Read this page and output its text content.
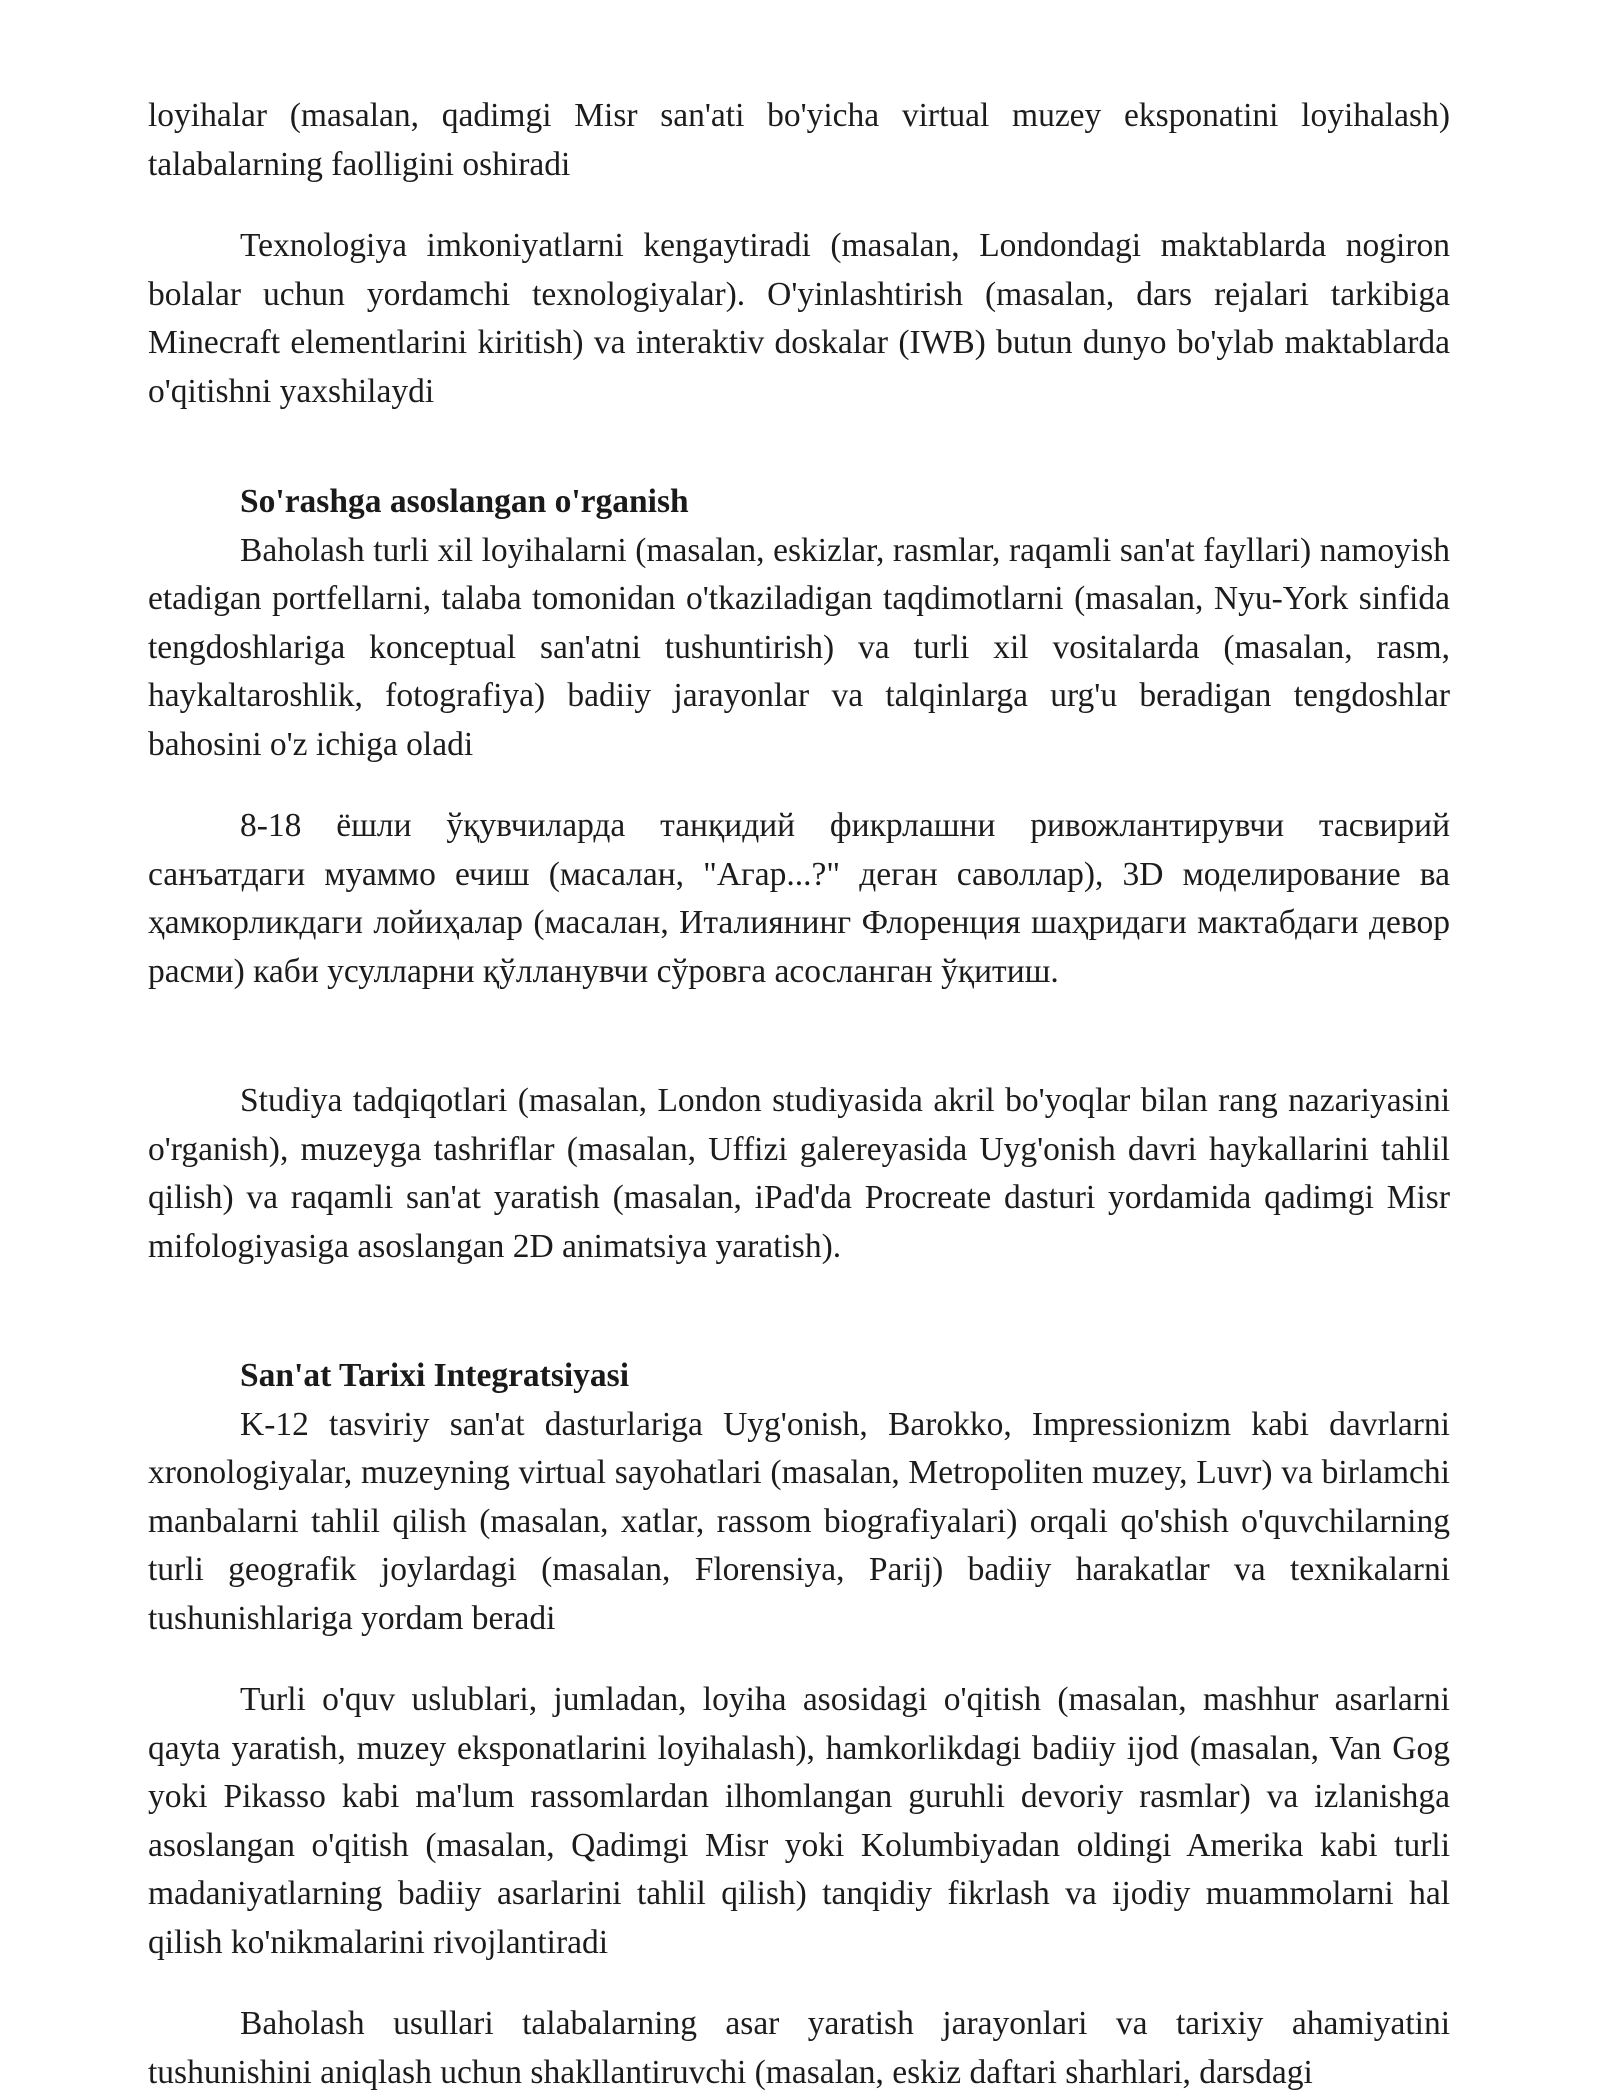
loyihalar (masalan, qadimgi Misr san'ati bo'yicha virtual muzey eksponatini loyihalash) talabalarning faolligini oshiradi

Texnologiya imkoniyatlarni kengaytiradi (masalan, Londondagi maktablarda nogiron bolalar uchun yordamchi texnologiyalar). O'yinlashtirish (masalan, dars rejalari tarkibiga Minecraft elementlarini kiritish) va interaktiv doskalar (IWB) butun dunyo bo'ylab maktablarda o'qitishni yaxshilaydi

So'rashga asoslangan o'rganish

Baholash turli xil loyihalarni (masalan, eskizlar, rasmlar, raqamli san'at fayllari) namoyish etadigan portfellarni, talaba tomonidan o'tkaziladigan taqdimotlarni (masalan, Nyu-York sinfida tengdoshlariga konceptual san'atni tushuntirish) va turli xil vositalarda (masalan, rasm, haykaltaroshlik, fotografiya) badiiy jarayonlar va talqinlarga urg'u beradigan tengdoshlar bahosini o'z ichiga oladi

8-18 ёшли ўқувчиларда танқидий фикрлашни ривожлантирувчи тасвирий санъатдаги муаммо ечиш (масалан, "Агар...?" деган саволлар), 3D моделирование ва ҳамкорликдаги лойиҳалар (масалан, Италиянинг Флоренция шаҳридаги мактабдаги девор расми) каби усулларни қўлланувчи сўровга асосланган ўқитиш.

Studiya tadqiqotlari (masalan, London studiyasida akril bo'yoqlar bilan rang nazariyasini o'rganish), muzeyga tashriflar (masalan, Uffizi galereyasida Uyg'onish davri haykallarini tahlil qilish) va raqamli san'at yaratish (masalan, iPad'da Procreate dasturi yordamida qadimgi Misr mifologiyasiga asoslangan 2D animatsiya yaratish).

San'at Tarixi Integratsiyasi

K-12 tasviriy san'at dasturlariga Uyg'onish, Barokko, Impressionizm kabi davrlarni xronologiyalar, muzeyning virtual sayohatlari (masalan, Metropoliten muzey, Luvr) va birlamchi manbalarni tahlil qilish (masalan, xatlar, rassom biografiyalari) orqali qo'shish o'quvchilarning turli geografik joylardagi (masalan, Florensiya, Parij) badiiy harakatlar va texnikalarni tushunishlariga yordam beradi

Turli o'quv uslublari, jumladan, loyiha asosidagi o'qitish (masalan, mashhur asarlarni qayta yaratish, muzey eksponatlarini loyihalash), hamkorlikdagi badiiy ijod (masalan, Van Gog yoki Pikasso kabi ma'lum rassomlardan ilhomlangan guruhli devoriy rasmlar) va izlanishga asoslangan o'qitish (masalan, Qadimgi Misr yoki Kolumbiyadan oldingi Amerika kabi turli madaniyatlarning badiiy asarlarini tahlil qilish) tanqidiy fikrlash va ijodiy muammolarni hal qilish ko'nikmalarini rivojlantiradi

Baholash usullari talabalarning asar yaratish jarayonlari va tarixiy ahamiyatini tushunishini aniqlash uchun shakllantiruvchi (masalan, eskiz daftari sharhlari, darsdagi
